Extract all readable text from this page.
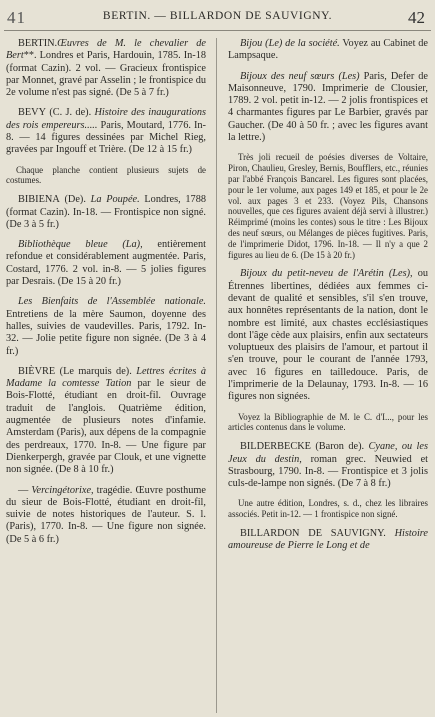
41	BERTIN. — BILLARDON DE SAUVIGNY.	42

BERTIN.Œuvres de M. le chevalier de Bert**. Londres et Paris, Hardouin, 1785. In-18 (format Cazin). 2 vol. — Gracieux frontispice par Monnet, gravé par Asselin ; le frontispice du 2e volume n'est pas signé. (De 5 à 7 fr.)

BEVY (C. J. de). Histoire des inaugurations des rois empereurs..... Paris, Moutard, 1776. In-8. — 14 figures dessinées par Michel Rieg, gravées par Ingouff et Trière. (De 12 à 15 fr.)

Chaque planche contient plusieurs sujets de costumes.

BIBIENA (De). La Poupée. Londres, 1788 (format Cazin). In-18. — Frontispice non signé. (De 3 à 5 fr.)

Bibliothèque bleue (La), entièrement refondue et considérablement augmentée. Paris, Costard, 1776. 2 vol. in-8. — 5 jolies figures par Desrais. (De 15 à 20 fr.)

Les Bienfaits de l'Assemblée nationale. Entretiens de la mère Saumon, doyenne des halles, suivies de vaudevilles. Paris, 1792. In-32. — Jolie petite figure non signée. (De 3 à 4 fr.)

BIÈVRE (Le marquis de). Lettres écrites à Madame la comtesse Tation par le sieur de Bois-Flotté, étudiant en droit-fil. Ouvrage traduit de l'anglois. Quatrième édition, augmentée de plusieurs notes d'infamie. Amsterdam (Paris), aux dépens de la compagnie des perdreaux, 1770. In-8. — Une figure par Dienkerpergh, gravée par Clouk, et une vignette non signée. (De 8 à 10 fr.)

— Vercingétorixe, tragédie. Œuvre posthume du sieur de Bois-Flotté, étudiant en droit-fil, suivie de notes historiques de l'auteur. S. l. (Paris), 1770. In-8. — Une figure non signée. (De 5 à 6 fr.)

Bijou (Le) de la société. Voyez au Cabinet de Lampsaque.

Bijoux des neuf sœurs (Les) Paris, Defer de Maisonneuve, 1790. Imprimerie de Clousier, 1789. 2 vol. petit in-12. — 2 jolis frontispices et 4 charmantes figures par Le Barbier, gravés par Gaucher. (De 40 à 50 fr. ; avec les figures avant la lettre.)

Très joli recueil de poésies diverses de Voltaire, Piron, Chaulieu, Gresley, Bernis, Boufflers, etc., réunies par l'abbé François Bancarel. Les figures sont placées, pour le 1er volume, aux pages 149 et 185, et pour le 2e vol. aux pages 3 et 233. (Voyez Pils, Chansons nouvelles, que ces figures avaient déjà servi à illustrer.) Réimprimé (moins les contes) sous le titre : Les Bijoux des neuf sœurs, ou Mélanges de pièces fugitives. Paris, de l'imprimerie Didot, 1796. In-18. — Il n'y a que 2 figures au lieu de 6. (De 15 à 20 fr.)

Bijoux du petit-neveu de l'Arétin (Les), ou Étrennes libertines, dédiées aux femmes ci-devant de qualité et sensibles, s'il s'en trouve, aux honnêtes représentants de la nation, dont le nombre est limité, aux chastes ecclésiastiques dont l'âge cède aux plaisirs, enfin aux sectateurs voluptueux des plaisirs de l'amour, et partout il s'en trouve, pour le courant de l'année 1793, avec 16 figures en tailledouce. Paris, de l'imprimerie de la Delaunay, 1793. In-8. — 16 figures non signées.

Voyez la Bibliographie de M. le C. d'I..., pour les articles contenus dans le volume.

BILDERBECKE (Baron de). Cyane, ou les Jeux du destin, roman grec. Neuwied et Strasbourg, 1790. In-8. — Frontispice et 3 jolis culs-de-lampe non signés. (De 7 à 8 fr.)

Une autre édition, Londres, s. d., chez les libraires associés. Petit in-12. — 1 frontispice non signé.

BILLARDON DE SAUVIGNY. Histoire amoureuse de Pierre le Long et de
